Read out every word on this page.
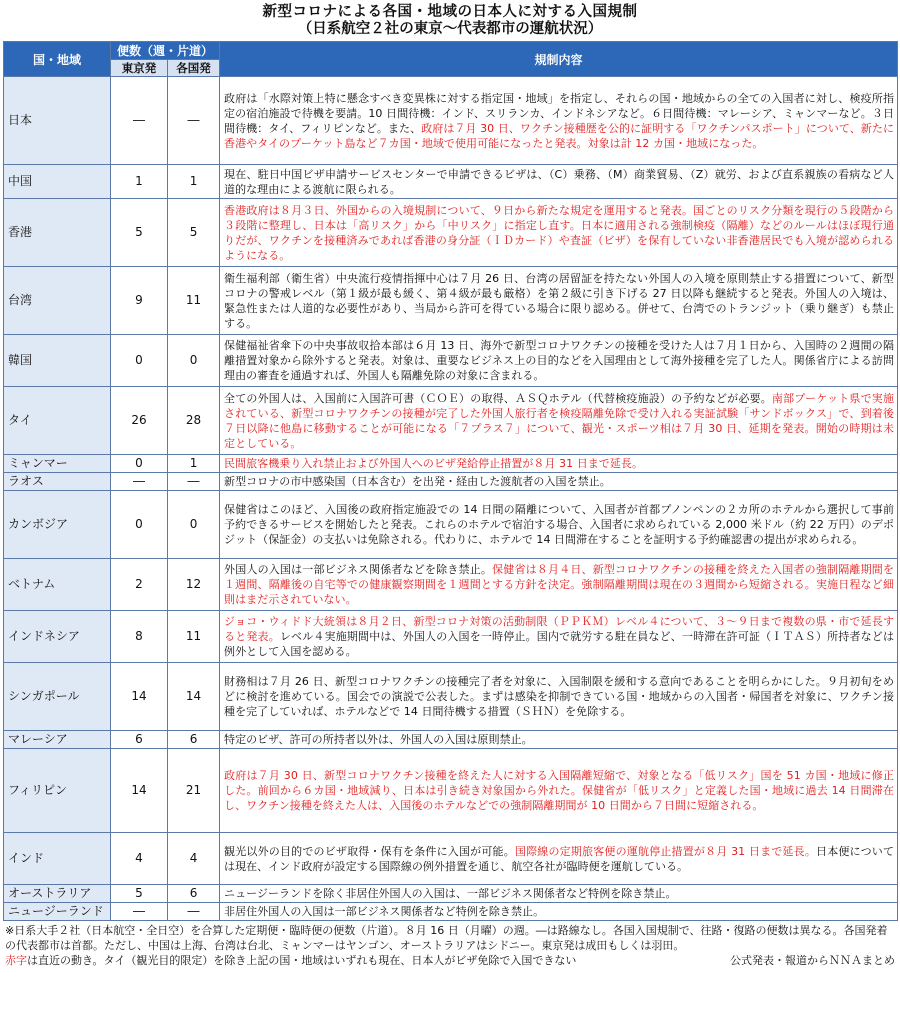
新型コロナによる各国・地域の日本人に対する入国規制
（日系航空２社の東京～代表都市の運航状況）
国・地域	便数（週・片道）		規制内容
	東京発	各国発	
日本	―	―	政府は「水際対策上特に懸念すべき変異株に対する指定国・地域」を指定し、それらの国・地域からの全ての入国者に対し、検疫所指定の宿泊施設で待機を要請。10 日間待機：インド、スリランカ、インドネシアなど。６日間待機：マレーシア、ミャンマーなど。３日間待機：タイ、フィリピンなど。また、政府は７月 30 日、ワクチン接種歴を公的に証明する「ワクチンパスポート」について、新たに香港やタイのプーケット島など７カ国・地域で使用可能になったと発表。対象は計 12 カ国・地域になった。
中国	1	1	現在、駐日中国ビザ申請サービスセンターで申請できるビザは、（C）乗務、（M）商業貿易、（Z）就労、および直系親族の看病など人道的な理由による渡航に限られる。
香港	5	5	香港政府は８月３日、外国からの入境規制について、９日から新たな規定を運用すると発表。国ごとのリスク分類を現行の５段階から３段階に整理し、日本は「高リスク」から「中リスク」に指定し直す。日本に適用される強制検疫（隔離）などのルールはほぼ現行通りだが、ワクチンを接種済みであれば香港の身分証（ＩＤカード）や査証（ビザ）を保有していない非香港居民でも入境が認められるようになる。
台湾	9	11	衛生福利部（衛生省）中央流行疫情指揮中心は７月 26 日、台湾の居留証を持たない外国人の入境を原則禁止する措置について、新型コロナの警戒レベル（第１級が最も緩く、第４級が最も厳格）を第２級に引き下げる 27 日以降も継続すると発表。外国人の入境は、緊急性または人道的な必要性があり、当局から許可を得ている場合に限り認める。併せて、台湾でのトランジット（乗り継ぎ）も禁止する。
韓国	0	0	保健福祉省傘下の中央事故収拾本部は６月 13 日、海外で新型コロナワクチンの接種を受けた人は７月１日から、入国時の２週間の隔離措置対象から除外すると発表。対象は、重要なビジネス上の目的などを入国理由として海外接種を完了した人。関係省庁による訪問理由の審査を通過すれば、外国人も隔離免除の対象に含まれる。
タイ	26	28	全ての外国人は、入国前に入国許可書（ＣＯＥ）の取得、ＡＳＱホテル（代替検疫施設）の予約などが必要。南部プーケット県で実施されている、新型コロナワクチンの接種が完了した外国人旅行者を検疫隔離免除で受け入れる実証試験「サンドボックス」で、到着後７日以降に他島に移動することが可能になる「７プラス７」について、観光・スポーツ相は７月 30 日、延期を発表。開始の時期は未定としている。
ミャンマー	0	1	民間旅客機乗り入れ禁止および外国人へのビザ発給停止措置が８月 31 日まで延長。
ラオス	―	―	新型コロナの市中感染国（日本含む）を出発・経由した渡航者の入国を禁止。
カンボジア	0	0	保健省はこのほど、入国後の政府指定施設での 14 日間の隔離について、入国者が首都プノンペンの２カ所のホテルから選択して事前予約できるサービスを開始したと発表。これらのホテルで宿泊する場合、入国者に求められている 2,000 米ドル（約 22 万円）のデポジット（保証金）の支払いは免除される。代わりに、ホテルで 14 日間滞在することを証明する予約確認書の提出が求められる。
ベトナム	2	12	外国人の入国は一部ビジネス関係者などを除き禁止。保健省は８月４日、新型コロナワクチンの接種を終えた入国者の強制隔離期間を１週間、隔離後の自宅等での健康観察期間を１週間とする方針を決定。強制隔離期間は現在の３週間から短縮される。実施日程など細則はまだ示されていない。
インドネシア	8	11	ジョコ・ウィドド大統領は８月２日、新型コロナ対策の活動制限（ＰＰＫＭ）レベル４について、３～９日まで複数の県・市で延長すると発表。レベル４実施期間中は、外国人の入国を一時停止。国内で就労する駐在員など、一時滞在許可証（ＩＴＡＳ）所持者などは例外として入国を認める。
シンガポール	14	14	財務相は７月 26 日、新型コロナワクチンの接種完了者を対象に、入国制限を緩和する意向であることを明らかにした。９月初旬をめどに検討を進めている。国会での演説で公表した。まずは感染を抑制できている国・地域からの入国者・帰国者を対象に、ワクチン接種を完了していれば、ホテルなどで 14 日間待機する措置（ＳＨＮ）を免除する。
マレーシア	6	6	特定のビザ、許可の所持者以外は、外国人の入国は原則禁止。
フィリピン	14	21	政府は７月 30 日、新型コロナワクチン接種を終えた人に対する入国隔離短縮で、対象となる「低リスク」国を 51 カ国・地域に修正した。前回から６カ国・地域減り、日本は引き続き対象国から外れた。保健省が「低リスク」と定義した国・地域に過去 14 日間滞在し、ワクチン接種を終えた人は、入国後のホテルなどでの強制隔離期間が 10 日間から７日間に短縮される。
インド	4	4	観光以外の目的でのビザ取得・保有を条件に入国が可能。国際線の定期旅客便の運航停止措置が８月 31 日まで延長。日本便については現在、インド政府が設定する国際線の例外措置を通じ、航空各社が臨時便を運航している。
オーストラリア	5	6	ニュージーランドを除く非居住外国人の入国は、一部ビジネス関係者など特例を除き禁止。
ニュージーランド	―	―	非居住外国人の入国は一部ビジネス関係者など特例を除き禁止。
※日系大手２社（日本航空・全日空）を合算した定期便・臨時便の便数（片道）。８月 16 日（月曜）の週。―は路線なし。各国入国規制で、往路・復路の便数は異なる。各国発着の代表都市は首都。ただし、中国は上海、台湾は台北、ミャンマーはヤンゴン、オーストラリアはシドニー。東京発は成田もしくは羽田。
赤字は直近の動き。タイ（観光目的限定）を除き上記の国・地域はいずれも現在、日本人がビザ免除で入国できない	公式発表・報道からＮＮＡまとめ
